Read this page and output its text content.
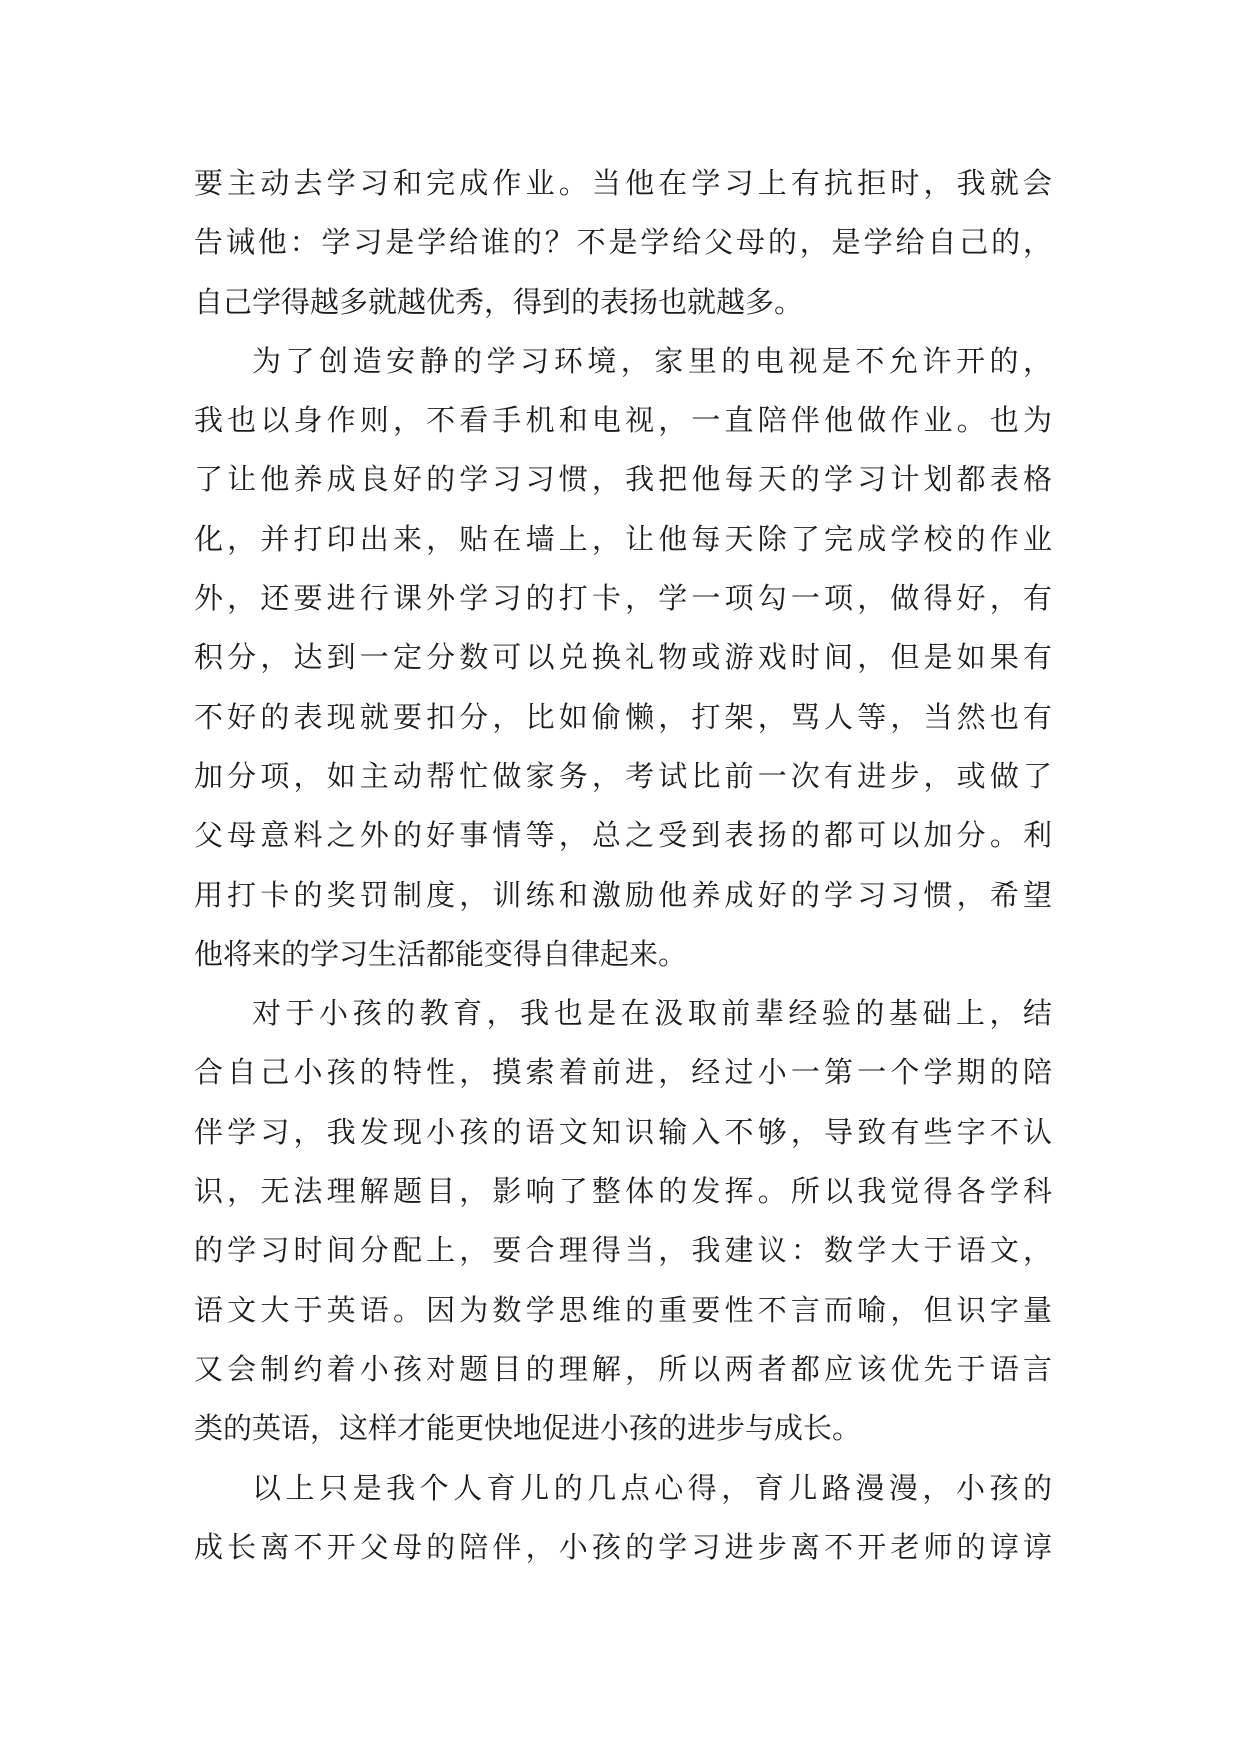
要主动去学习和完成作业。当他在学习上有抗拒时，我就会
告诫他：学习是学给谁的？不是学给父母的，是学给自己的，
自己学得越多就越优秀，得到的表扬也就越多。
为了创造安静的学习环境，家里的电视是不允许开的，
我也以身作则，不看手机和电视，一直陪伴他做作业。也为
了让他养成良好的学习习惯，我把他每天的学习计划都表格
化，并打印出来，贴在墙上，让他每天除了完成学校的作业
外，还要进行课外学习的打卡，学一项勾一项，做得好，有
积分，达到一定分数可以兑换礼物或游戏时间，但是如果有
不好的表现就要扣分，比如偷懒，打架，骂人等，当然也有
加分项，如主动帮忙做家务，考试比前一次有进步，或做了
父母意料之外的好事情等，总之受到表扬的都可以加分。利
用打卡的奖罚制度，训练和激励他养成好的学习习惯，希望
他将来的学习生活都能变得自律起来。
对于小孩的教育，我也是在汲取前辈经验的基础上，结
合自己小孩的特性，摸索着前进，经过小一第一个学期的陪
伴学习，我发现小孩的语文知识输入不够，导致有些字不认
识，无法理解题目，影响了整体的发挥。所以我觉得各学科
的学习时间分配上，要合理得当，我建议：数学大于语文，
语文大于英语。因为数学思维的重要性不言而喻，但识字量
又会制约着小孩对题目的理解，所以两者都应该优先于语言
类的英语，这样才能更快地促进小孩的进步与成长。
以上只是我个人育儿的几点心得，育儿路漫漫，小孩的
成长离不开父母的陪伴，小孩的学习进步离不开老师的谆谆
